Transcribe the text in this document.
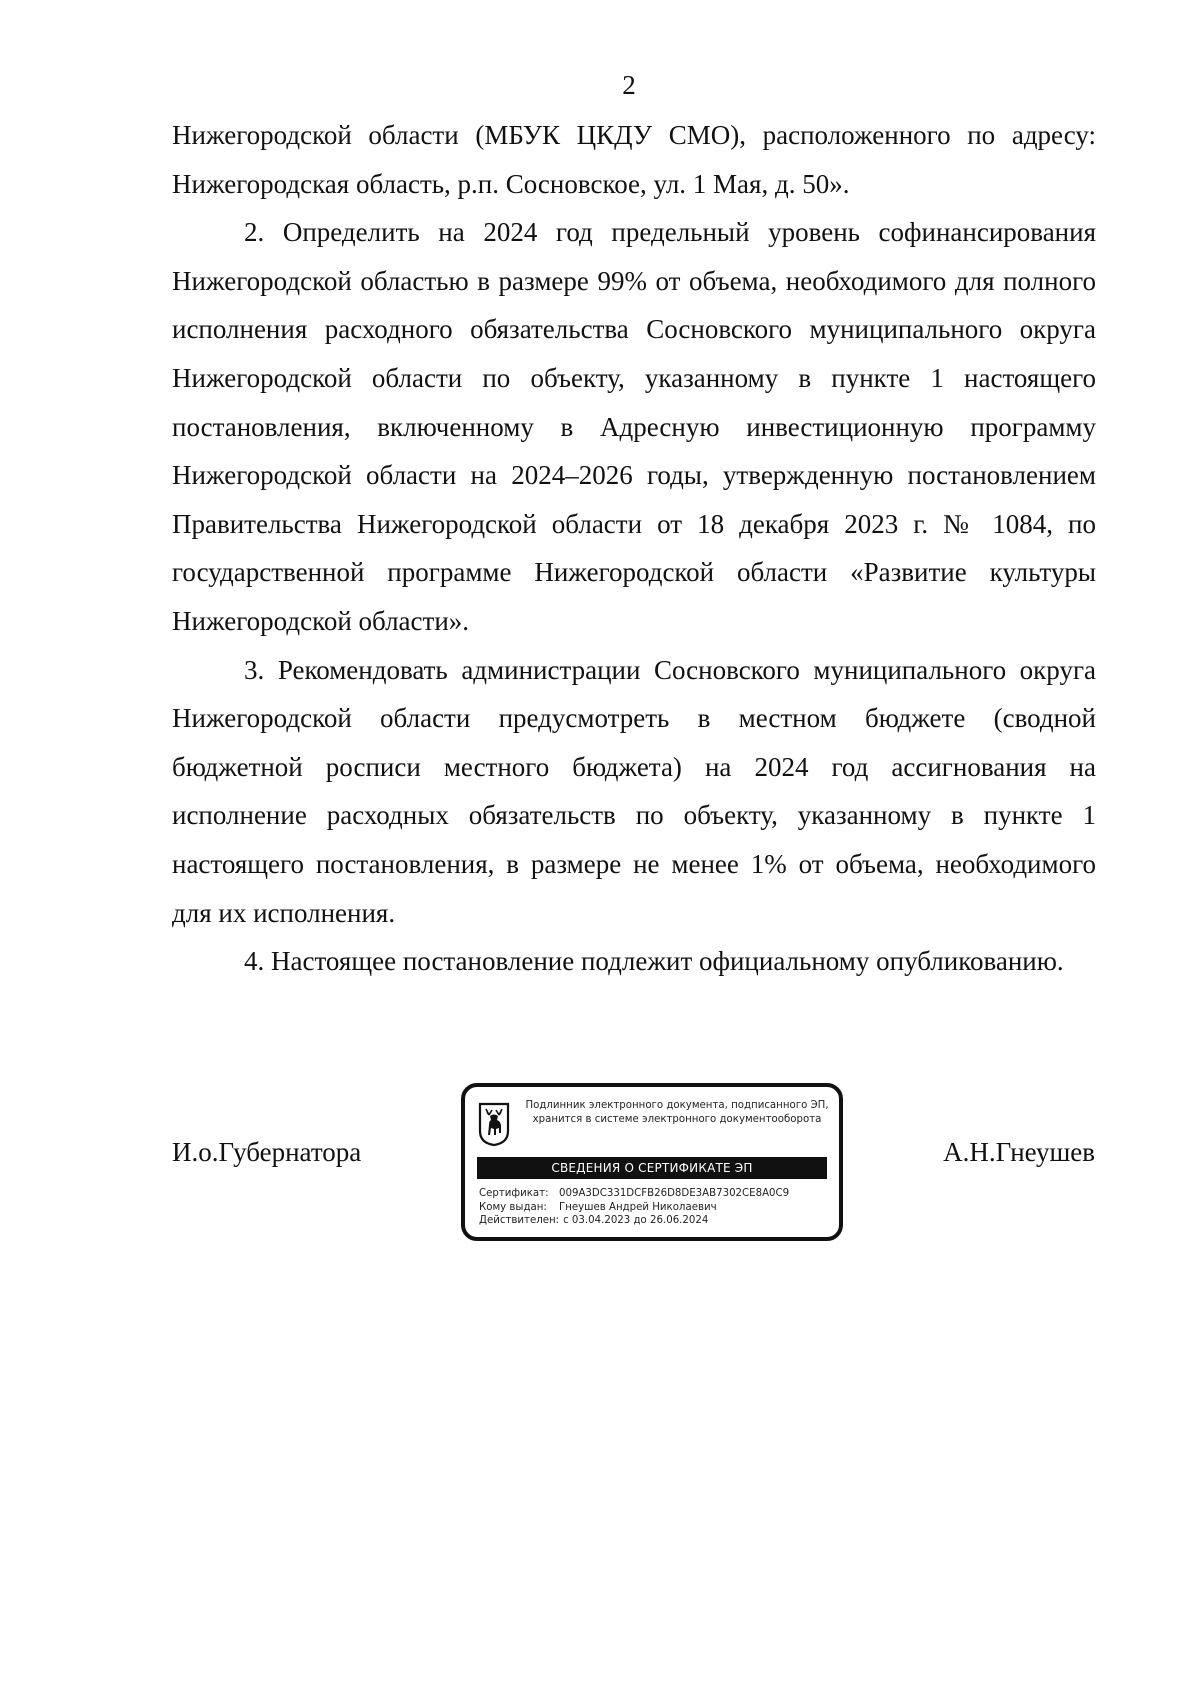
2

Нижегородской области (МБУК ЦКДУ СМО), расположенного по адресу: Нижегородская область, р.п. Сосновское, ул. 1 Мая, д. 50».

2. Определить на 2024 год предельный уровень софинансирования Нижегородской областью в размере 99% от объема, необходимого для полного исполнения расходного обязательства Сосновского муниципального округа Нижегородской области по объекту, указанному в пункте 1 настоящего постановления, включенному в Адресную инвестиционную программу Нижегородской области на 2024–2026 годы, утвержденную постановлением Правительства Нижегородской области от 18 декабря 2023 г. № 1084, по государственной программе Нижегородской области «Развитие культуры Нижегородской области».

3. Рекомендовать администрации Сосновского муниципального округа Нижегородской области предусмотреть в местном бюджете (сводной бюджетной росписи местного бюджета) на 2024 год ассигнования на исполнение расходных обязательств по объекту, указанному в пункте 1 настоящего постановления, в размере не менее 1% от объема, необходимого для их исполнения.

4. Настоящее постановление подлежит официальному опубликованию.

И.о.Губернатора	А.Н.Гнеушев
Подлинник электронного документа, подписанного ЭП,
хранится в системе электронного документооборота
СВЕДЕНИЯ О СЕРТИФИКАТЕ ЭП
Сертификат:	009A3DC331DCFB26D8DE3AB7302CE8A0C9
Кому выдан:	Гнеушев Андрей Николаевич
Действителен: с 03.04.2023 до 26.06.2024
